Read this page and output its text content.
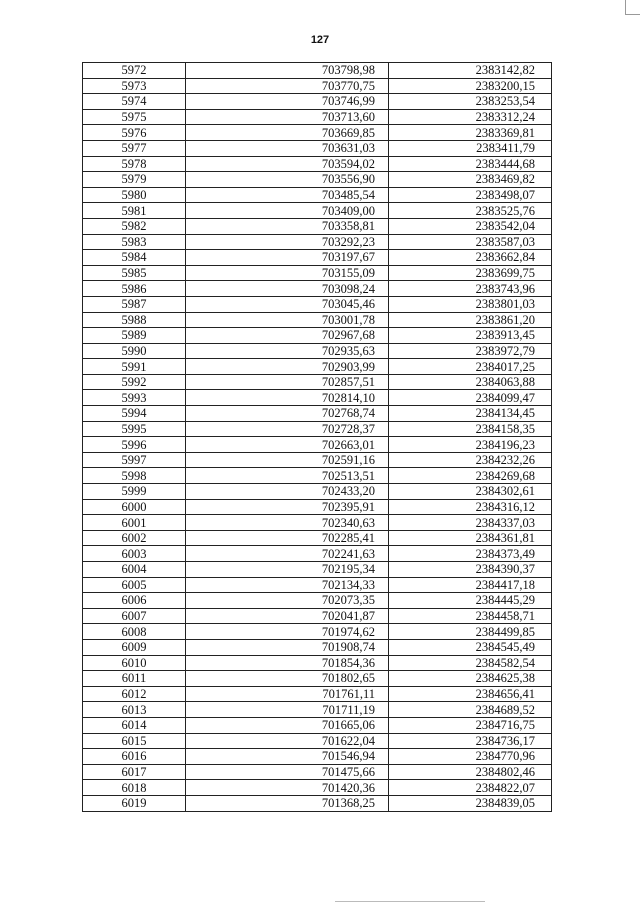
127
5972	703798,98	2383142,82
5973	703770,75	2383200,15
5974	703746,99	2383253,54
5975	703713,60	2383312,24
5976	703669,85	2383369,81
5977	703631,03	2383411,79
5978	703594,02	2383444,68
5979	703556,90	2383469,82
5980	703485,54	2383498,07
5981	703409,00	2383525,76
5982	703358,81	2383542,04
5983	703292,23	2383587,03
5984	703197,67	2383662,84
5985	703155,09	2383699,75
5986	703098,24	2383743,96
5987	703045,46	2383801,03
5988	703001,78	2383861,20
5989	702967,68	2383913,45
5990	702935,63	2383972,79
5991	702903,99	2384017,25
5992	702857,51	2384063,88
5993	702814,10	2384099,47
5994	702768,74	2384134,45
5995	702728,37	2384158,35
5996	702663,01	2384196,23
5997	702591,16	2384232,26
5998	702513,51	2384269,68
5999	702433,20	2384302,61
6000	702395,91	2384316,12
6001	702340,63	2384337,03
6002	702285,41	2384361,81
6003	702241,63	2384373,49
6004	702195,34	2384390,37
6005	702134,33	2384417,18
6006	702073,35	2384445,29
6007	702041,87	2384458,71
6008	701974,62	2384499,85
6009	701908,74	2384545,49
6010	701854,36	2384582,54
6011	701802,65	2384625,38
6012	701761,11	2384656,41
6013	701711,19	2384689,52
6014	701665,06	2384716,75
6015	701622,04	2384736,17
6016	701546,94	2384770,96
6017	701475,66	2384802,46
6018	701420,36	2384822,07
6019	701368,25	2384839,05
